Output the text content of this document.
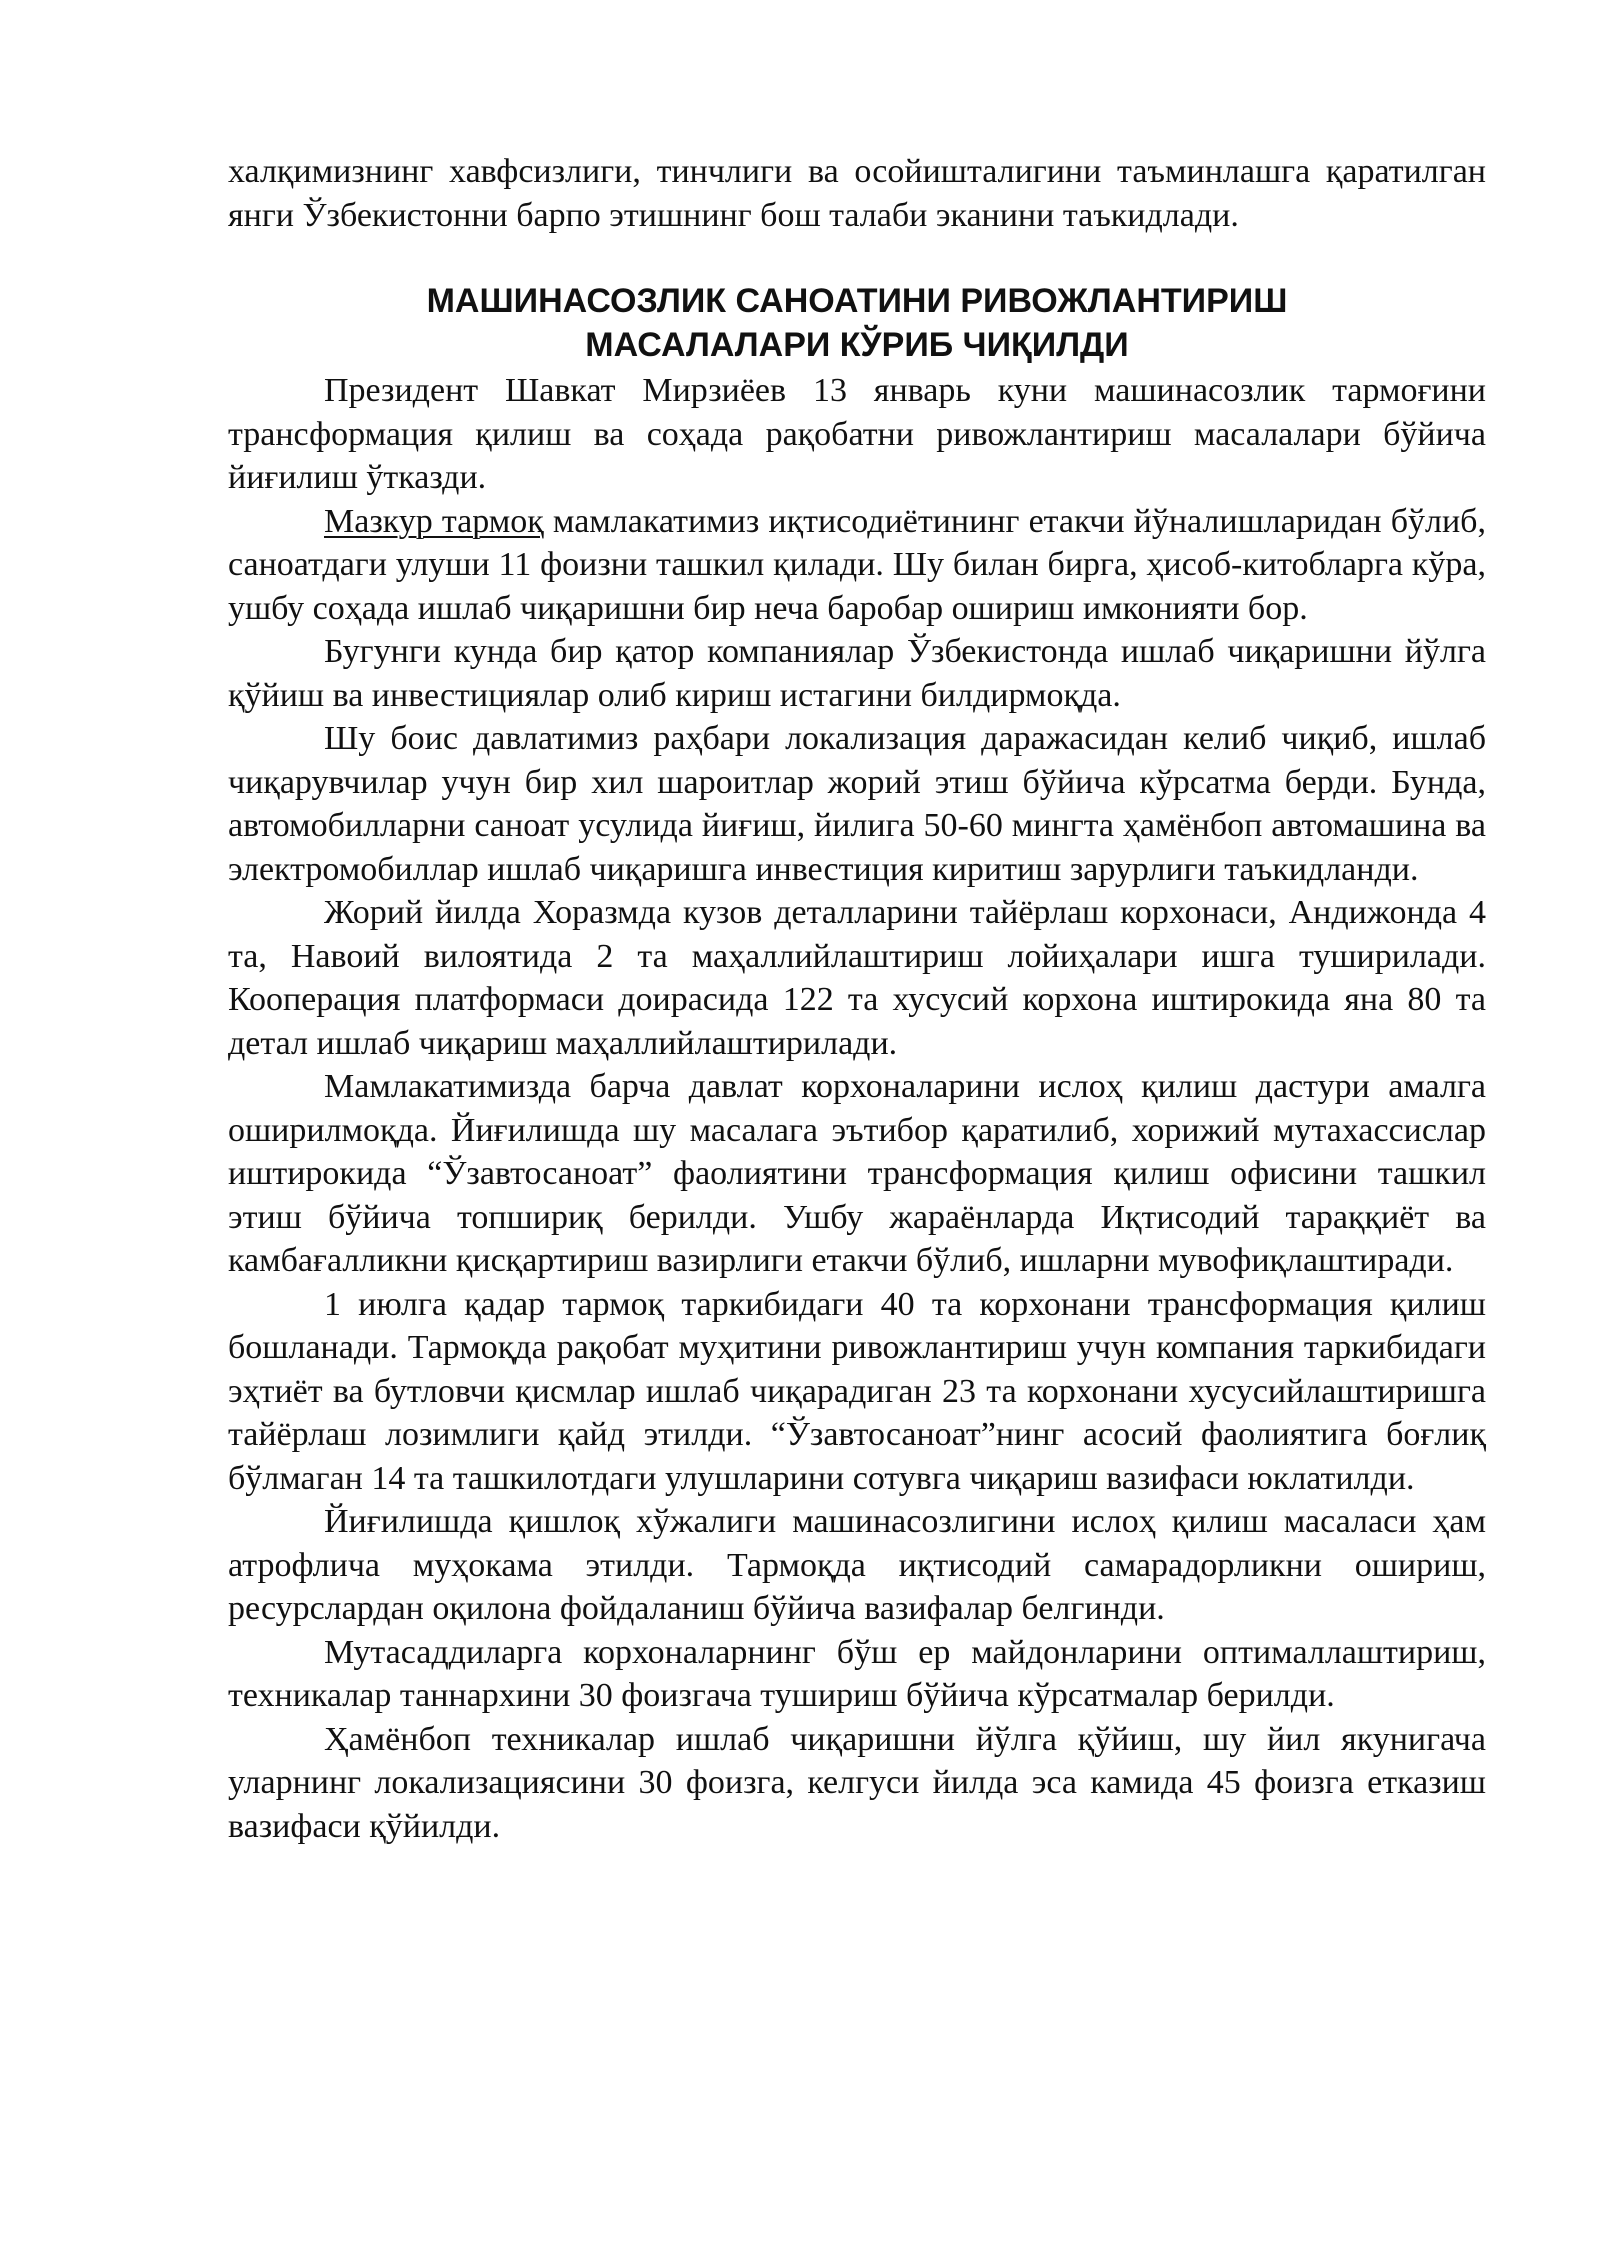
халқимизнинг хавфсизлиги, тинчлиги ва осойишталигини таъминлашга қаратилган янги Ўзбекистонни барпо этишнинг бош талаби эканини таъкидлади.

МАШИНАСОЗЛИК САНОАТИНИ РИВОЖЛАНТИРИШ
МАСАЛАЛАРИ КЎРИБ ЧИҚИЛДИ

Президент Шавкат Мирзиёев 13 январь куни машинасозлик тармоғини трансформация қилиш ва соҳада рақобатни ривожлантириш масалалари бўйича йиғилиш ўтказди.

Мазкур тармоқ мамлакатимиз иқтисодиётининг етакчи йўналишларидан бўлиб, саноатдаги улуши 11 фоизни ташкил қилади. Шу билан бирга, ҳисоб-китобларга кўра, ушбу соҳада ишлаб чиқаришни бир неча баробар ошириш имконияти бор.

Бугунги кунда бир қатор компаниялар Ўзбекистонда ишлаб чиқаришни йўлга қўйиш ва инвестициялар олиб кириш истагини билдирмоқда.

Шу боис давлатимиз раҳбари локализация даражасидан келиб чиқиб, ишлаб чиқарувчилар учун бир хил шароитлар жорий этиш бўйича кўрсатма берди. Бунда, автомобилларни саноат усулида йиғиш, йилига 50-60 мингта ҳамёнбоп автомашина ва электромобиллар ишлаб чиқаришга инвестиция киритиш зарурлиги таъкидланди.

Жорий йилда Хоразмда кузов деталларини тайёрлаш корхонаси, Андижонда 4 та, Навоий вилоятида 2 та маҳаллийлаштириш лойиҳалари ишга туширилади. Кооперация платформаси доирасида 122 та хусусий корхона иштирокида яна 80 та детал ишлаб чиқариш маҳаллийлаштирилади.

Мамлакатимизда барча давлат корхоналарини ислоҳ қилиш дастури амалга оширилмоқда. Йиғилишда шу масалага эътибор қаратилиб, хорижий мутахассислар иштирокида “Ўзавтосаноат” фаолиятини трансформация қилиш офисини ташкил этиш бўйича топшириқ берилди. Ушбу жараёнларда Иқтисодий тараққиёт ва камбағалликни қисқартириш вазирлиги етакчи бўлиб, ишларни мувофиқлаштиради.

1 июлга қадар тармоқ таркибидаги 40 та корхонани трансформация қилиш бошланади. Тармоқда рақобат муҳитини ривожлантириш учун компания таркибидаги эҳтиёт ва бутловчи қисмлар ишлаб чиқарадиган 23 та корхонани хусусийлаштиришга тайёрлаш лозимлиги қайд этилди. “Ўзавтосаноат”нинг асосий фаолиятига боғлиқ бўлмаган 14 та ташкилотдаги улушларини сотувга чиқариш вазифаси юклатилди.

Йиғилишда қишлоқ хўжалиги машинасозлигини ислоҳ қилиш масаласи ҳам атрофлича муҳокама этилди. Тармоқда иқтисодий самарадорликни ошириш, ресурслардан оқилона фойдаланиш бўйича вазифалар белгинди.

Мутасаддиларга корхоналарнинг бўш ер майдонларини оптималлаштириш, техникалар таннархини 30 фоизгача тушириш бўйича кўрсатмалар берилди.

Ҳамёнбоп техникалар ишлаб чиқаришни йўлга қўйиш, шу йил якунигача уларнинг локализациясини 30 фоизга, келгуси йилда эса камида 45 фоизга етказиш вазифаси қўйилди.
